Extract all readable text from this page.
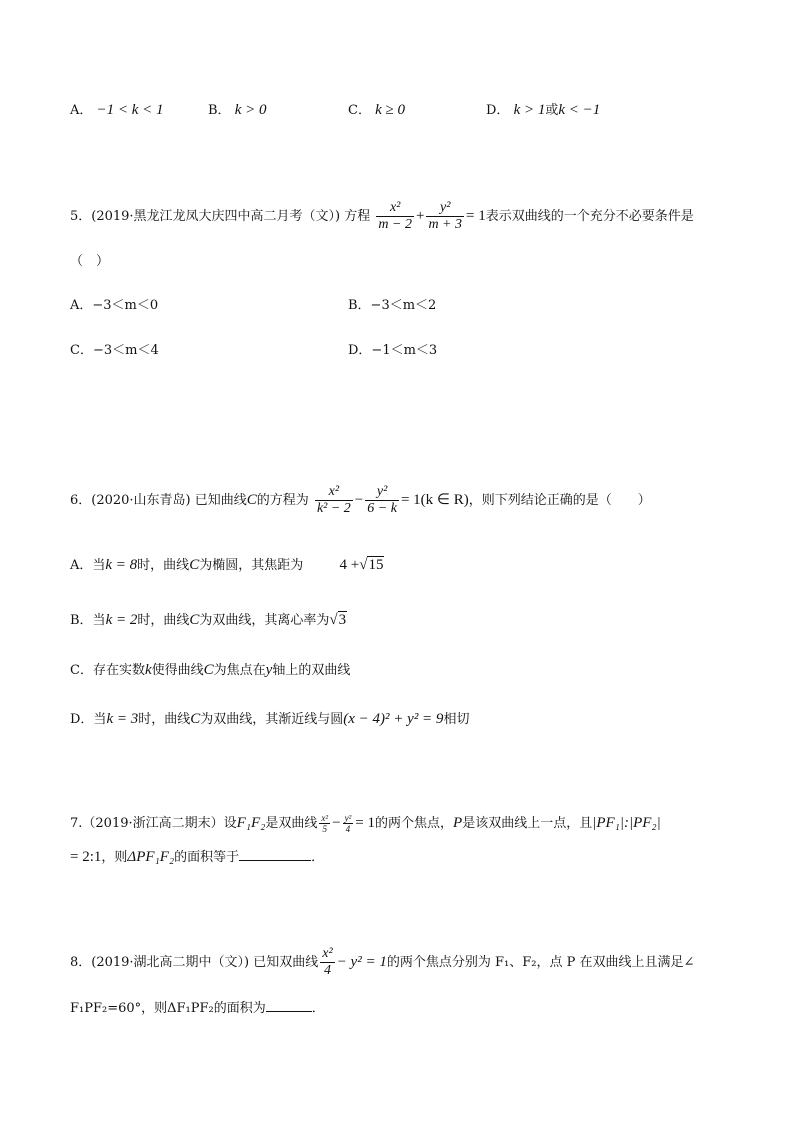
A． −1 < k < 1	B． k > 0	C． k ≥ 0	D． k > 1或k < −1
5．(2019·黑龙江龙凤大庆四中高二月考（文）) 方程 $\frac{\text{x²}}{m - 2} + \frac{\text{y²}}{m + 3} = 1$表示双曲线的一个充分不必要条件是
（　）
A．−3＜m＜0	B．−3＜m＜2
C．−3＜m＜4	D．−1＜m＜3
6．(2020·山东青岛) 已知曲线C的方程为 $\frac{\text{x²}}{\text{k² − 2}} - \frac{\text{y²}}{6 - k} = 1(k$ ∈ R)，则下列结论正确的是（　　）
A．当k = 8时，曲线C为椭圆，其焦距为 4 +√15
B．当k = 2时，曲线C为双曲线，其离心率为√3
C．存在实数k使得曲线C为焦点在y轴上的双曲线
D．当k = 3时，曲线C为双曲线，其渐近线与圆(x − 4)² + y² = 9相切
7.（2019·浙江高二期末）设F₁F₂是双曲线 $\frac{\text{x²}}{5} - \frac{\text{y²}}{4} = 1$的两个焦点，P是该双曲线上一点，且|PF₁|:|PF₂|
= 2:1，则ΔPF₁F₂的面积等于	．
8．(2019·湖北高二期中（文）) 已知双曲线 $\frac{\text{x²}}{4} - y^2 = 1$的两个焦点分别为 F₁、F₂，点 P 在双曲线上且满足∠
F₁PF₂=60°，则ΔF₁PF₂的面积为	．
